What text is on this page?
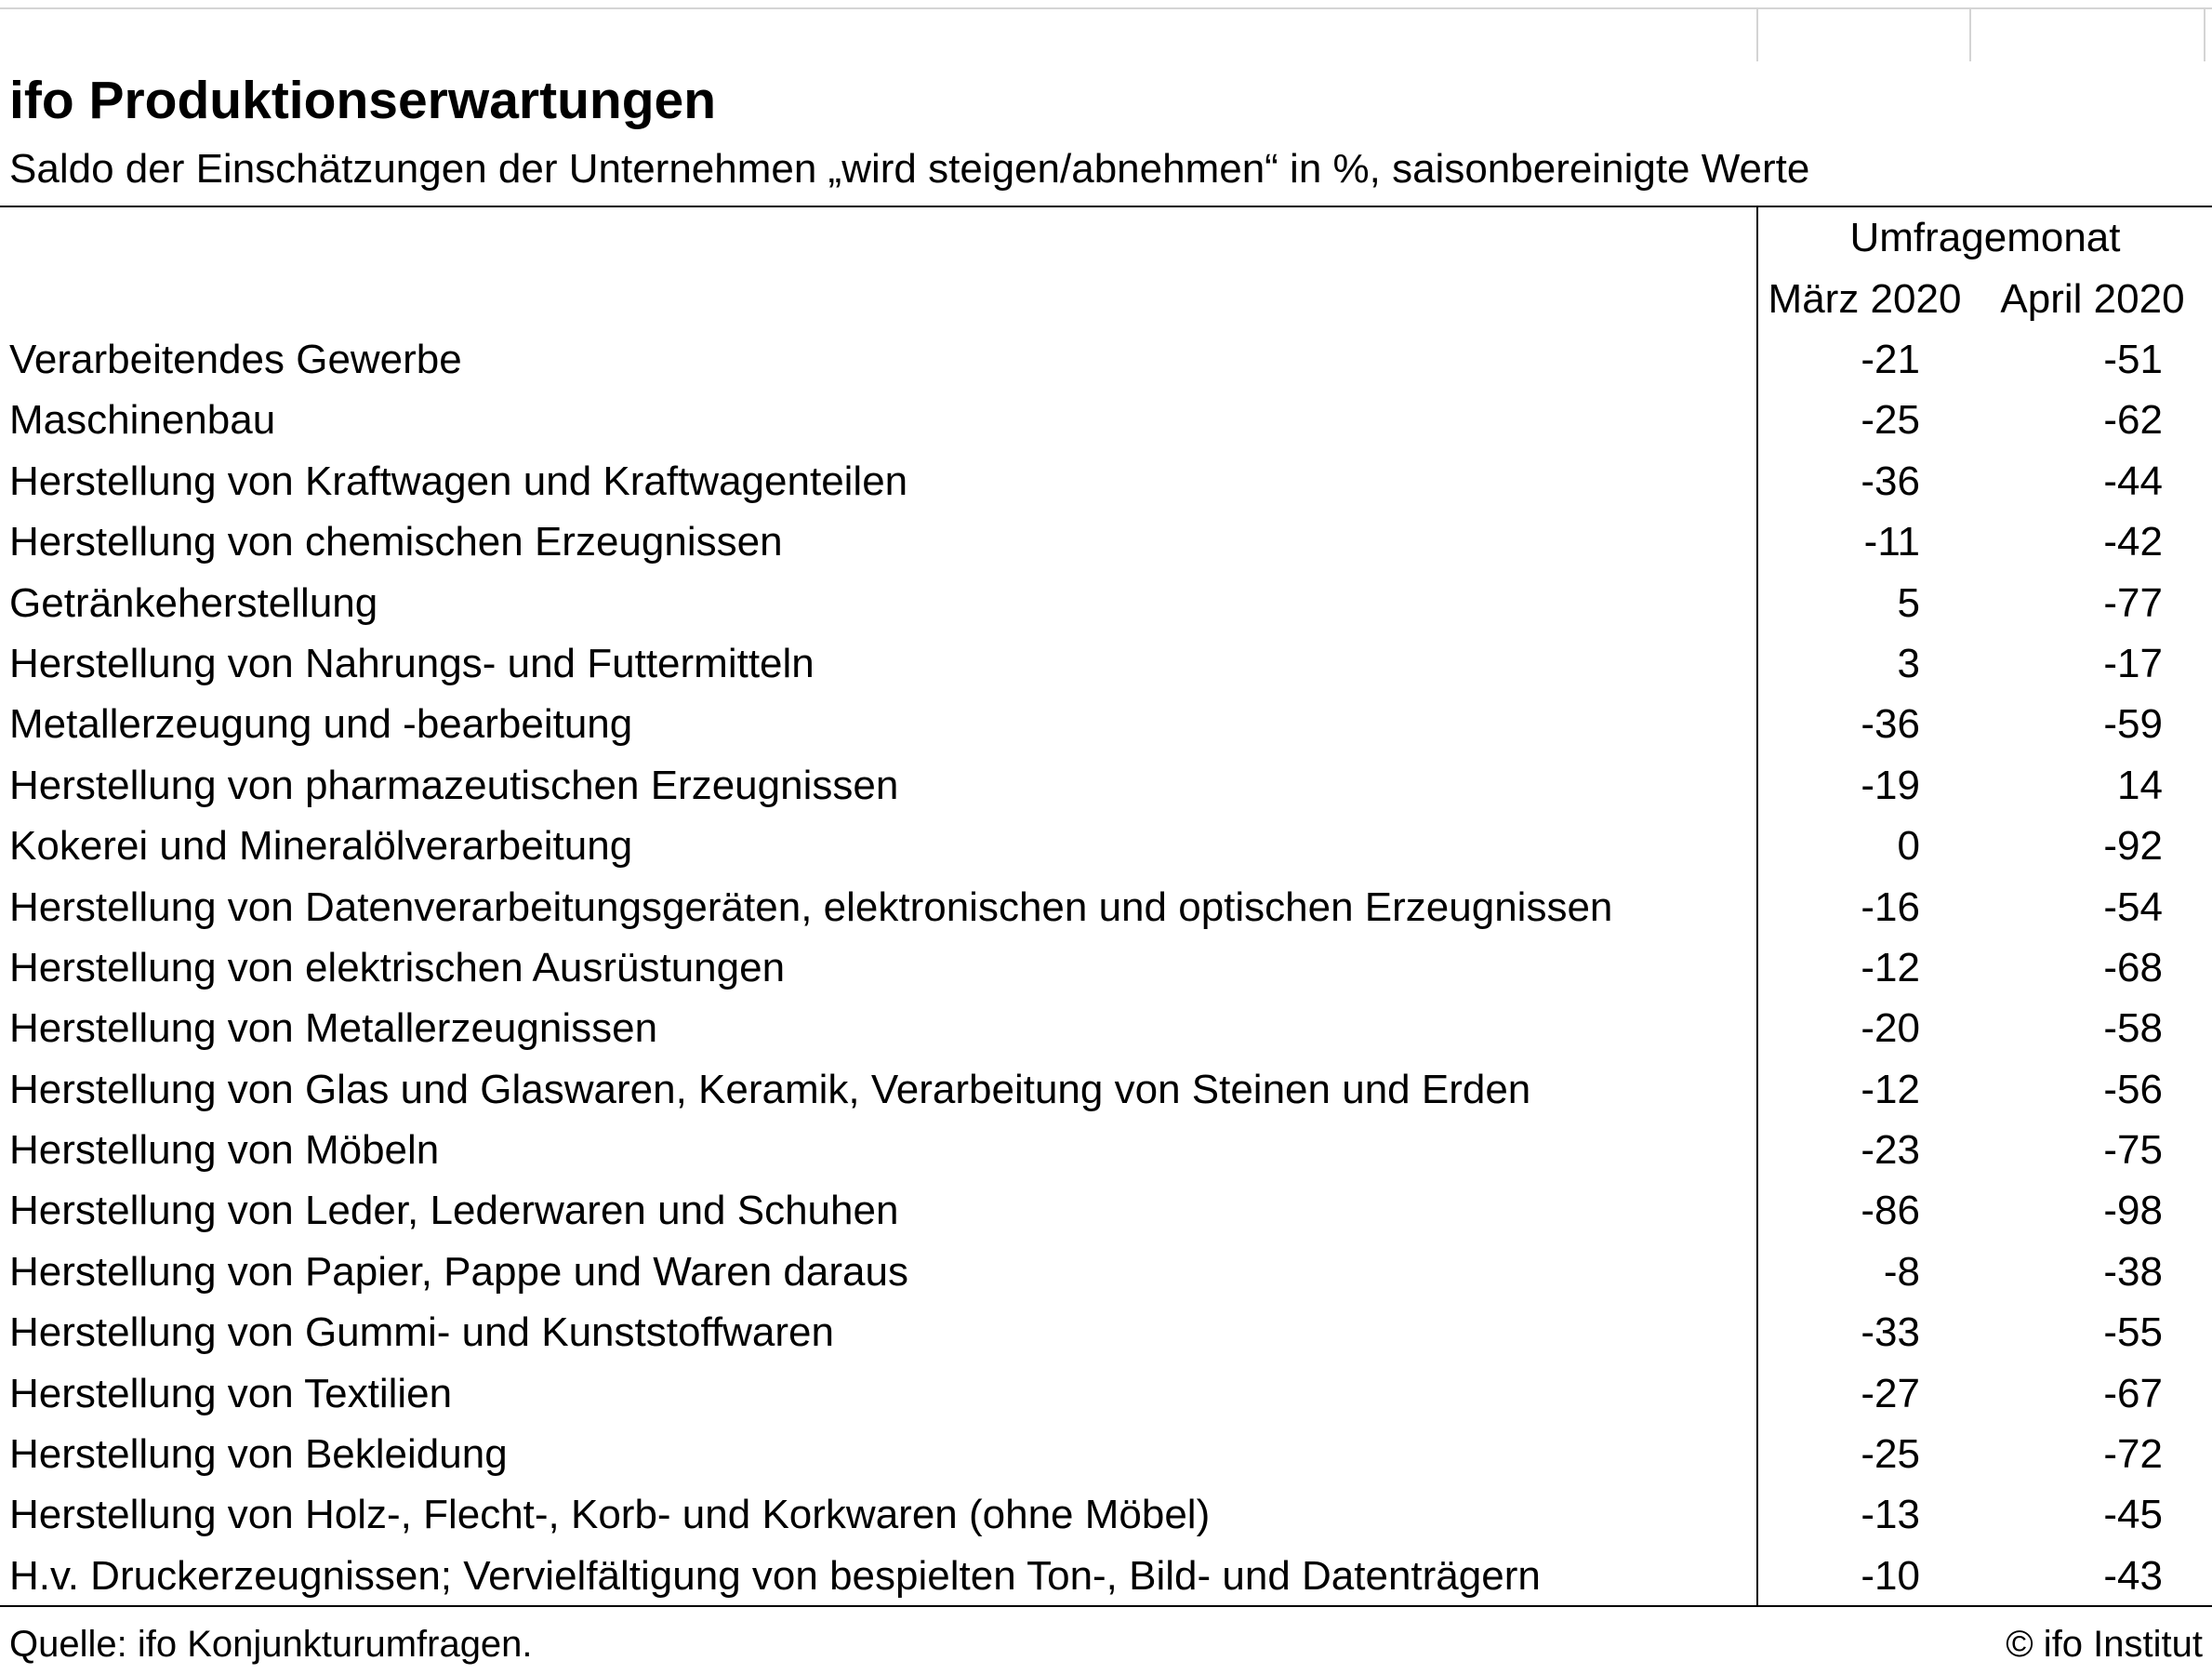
ifo Produktionserwartungen
Saldo der Einschätzungen der Unternehmen „wird steigen/abnehmen“ in %, saisonbereinigte Werte
Umfragemonat
März 2020 April 2020
Verarbeitendes Gewerbe	-21	-51
Maschinenbau	-25	-62
Herstellung von Kraftwagen und Kraftwagenteilen	-36	-44
Herstellung von chemischen Erzeugnissen	-11	-42
Getränkeherstellung	5	-77
Herstellung von Nahrungs- und Futtermitteln	3	-17
Metallerzeugung und -bearbeitung	-36	-59
Herstellung von pharmazeutischen Erzeugnissen	-19	14
Kokerei und Mineralölverarbeitung	0	-92
Herstellung von Datenverarbeitungsgeräten, elektronischen und optischen Erzeugnissen	-16	-54
Herstellung von elektrischen Ausrüstungen	-12	-68
Herstellung von Metallerzeugnissen	-20	-58
Herstellung von Glas und Glaswaren, Keramik, Verarbeitung von Steinen und Erden	-12	-56
Herstellung von Möbeln	-23	-75
Herstellung von Leder, Lederwaren und Schuhen	-86	-98
Herstellung von Papier, Pappe und Waren daraus	-8	-38
Herstellung von Gummi- und Kunststoffwaren	-33	-55
Herstellung von Textilien	-27	-67
Herstellung von Bekleidung	-25	-72
Herstellung von Holz-, Flecht-, Korb- und Korkwaren (ohne Möbel)	-13	-45
H.v. Druckerzeugnissen; Vervielfältigung von bespielten Ton-, Bild- und Datenträgern	-10	-43
Quelle: ifo Konjunkturumfragen.	© ifo Institut
